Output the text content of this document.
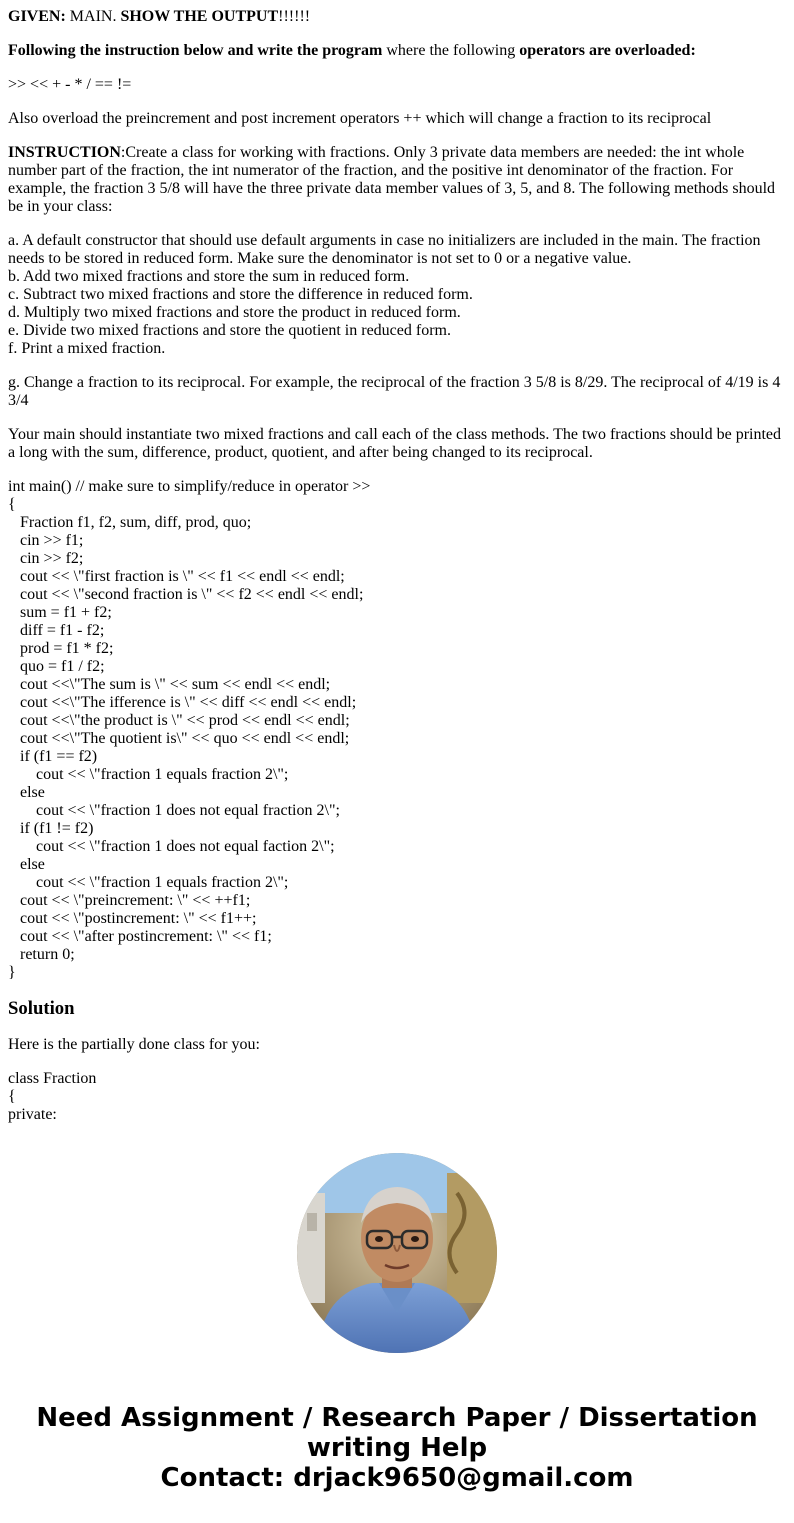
GIVEN: MAIN. SHOW THE OUTPUT!!!!!!

Following the instruction below and write the program where the following operators are overloaded:

>> << + - * / == !=

Also overload the preincrement and post increment operators ++ which will change a fraction to its reciprocal

INSTRUCTION:Create a class for working with fractions. Only 3 private data members are needed: the int whole number part of the fraction, the int numerator of the fraction, and the positive int denominator of the fraction. For example, the fraction 3 5/8 will have the three private data member values of 3, 5, and 8. The following methods should be in your class:

a. A default constructor that should use default arguments in case no initializers are included in the main. The fraction needs to be stored in reduced form. Make sure the denominator is not set to 0 or a negative value.
b. Add two mixed fractions and store the sum in reduced form.
c. Subtract two mixed fractions and store the difference in reduced form.
d. Multiply two mixed fractions and store the product in reduced form.
e. Divide two mixed fractions and store the quotient in reduced form.
f. Print a mixed fraction.

g. Change a fraction to its reciprocal. For example, the reciprocal of the fraction 3 5/8 is 8/29. The reciprocal of 4/19 is 4 3/4

Your main should instantiate two mixed fractions and call each of the class methods. The two fractions should be printed a long with the sum, difference, product, quotient, and after being changed to its reciprocal.

int main() // make sure to simplify/reduce in operator >>
{
Fraction f1, f2, sum, diff, prod, quo;
cin >> f1;
cin >> f2;
cout << \"first fraction is \" << f1 << endl << endl;
cout << \"second fraction is \" << f2 << endl << endl;
sum = f1 + f2;
diff = f1 - f2;
prod = f1 * f2;
quo = f1 / f2;
cout <<\"The sum is \" << sum << endl << endl;
cout <<\"The ifference is \" << diff << endl << endl;
cout <<\"the product is \" << prod << endl << endl;
cout <<\"The quotient is\" << quo << endl << endl;
if (f1 == f2)
cout << \"fraction 1 equals fraction 2\";
else
cout << \"fraction 1 does not equal fraction 2\";
if (f1 != f2)
cout << \"fraction 1 does not equal faction 2\";
else
cout << \"fraction 1 equals fraction 2\";
cout << \"preincrement: \" << ++f1;
cout << \"postincrement: \" << f1++;
cout << \"after postincrement: \" << f1;
return 0;
}

Solution

Here is the partially done class for you:

class Fraction
{
private:

Need Assignment / Research Paper / Dissertation
writing Help
Contact: drjack9650@gmail.com
